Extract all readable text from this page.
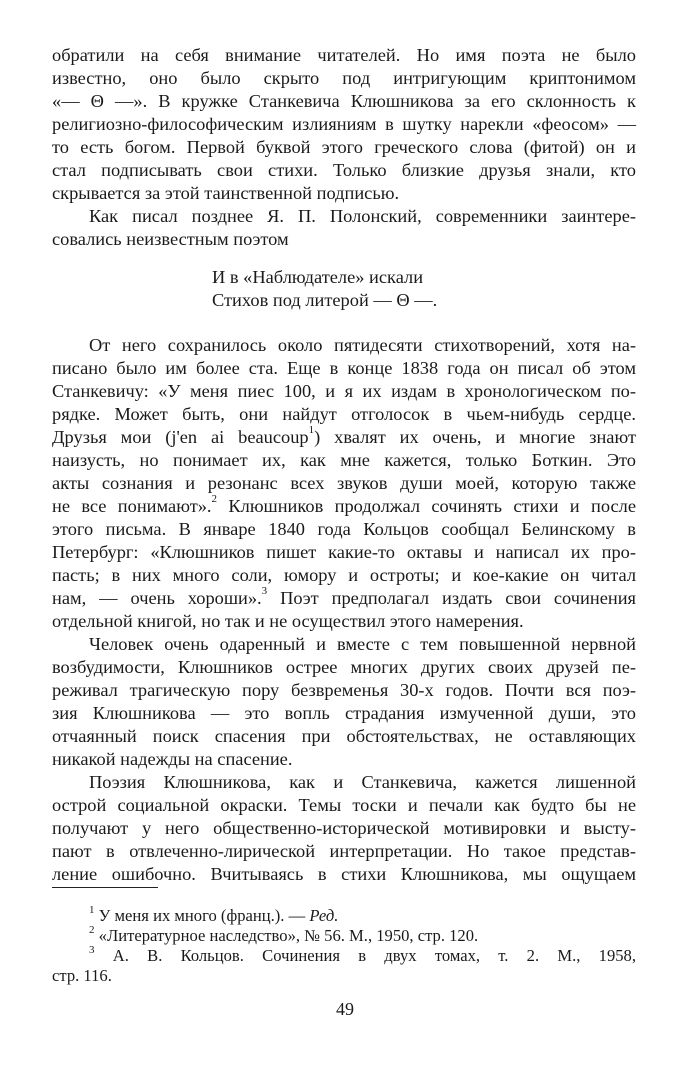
обратили на себя внимание читателей. Но имя поэта не было
известно, оно было скрыто под интригующим криптонимом
«— Θ —». В кружке Станкевича Клюшникова за его склонность к
религиозно-философическим излияниям в шутку нарекли «феосом» —
то есть богом. Первой буквой этого греческого слова (фитой) он и
стал подписывать свои стихи. Только близкие друзья знали, кто
скрывается за этой таинственной подписью.
Как писал позднее Я. П. Полонский, современники заинтере-
совались неизвестным поэтом
И в «Наблюдателе» искали
Стихов под литерой — Θ —.
От него сохранилось около пятидесяти стихотворений, хотя на-
писано было им более ста. Еще в конце 1838 года он писал об этом
Станкевичу: «У меня пиес 100, и я их издам в хронологическом по-
рядке. Может быть, они найдут отголосок в чьем-нибудь сердце.
Друзья мои (j'en ai beaucoup$^1$) хвалят их очень, и многие знают
наизусть, но понимает их, как мне кажется, только Боткин. Это
акты сознания и резонанс всех звуков души моей, которую также
не все понимают».$^2$ Клюшников продолжал сочинять стихи и после
этого письма. В январе 1840 года Кольцов сообщал Белинскому в
Петербург: «Клюшников пишет какие-то октавы и написал их про-
пасть; в них много соли, юмору и остроты; и кое-какие он читал
нам, — очень хороши».$^3$ Поэт предполагал издать свои сочинения
отдельной книгой, но так и не осуществил этого намерения.
Человек очень одаренный и вместе с тем повышенной нервной
возбудимости, Клюшников острее многих других своих друзей пе-
реживал трагическую пору безвременья 30-х годов. Почти вся поэ-
зия Клюшникова — это вопль страдания измученной души, это
отчаянный поиск спасения при обстоятельствах, не оставляющих
никакой надежды на спасение.
Поэзия Клюшникова, как и Станкевича, кажется лишенной
острой социальной окраски. Темы тоски и печали как будто бы не
получают у него общественно-исторической мотивировки и высту-
пают в отвлеченно-лирической интерпретации. Но такое представ-
ление ошибочно. Вчитываясь в стихи Клюшникова, мы ощущаем
$^1$ У меня их много (франц.). — Ред.
$^2$ «Литературное наследство», № 56. М., 1950, стр. 120.
$^3$ А. В. Кольцов. Сочинения в двух томах, т. 2. М., 1958,
стр. 116.
49
